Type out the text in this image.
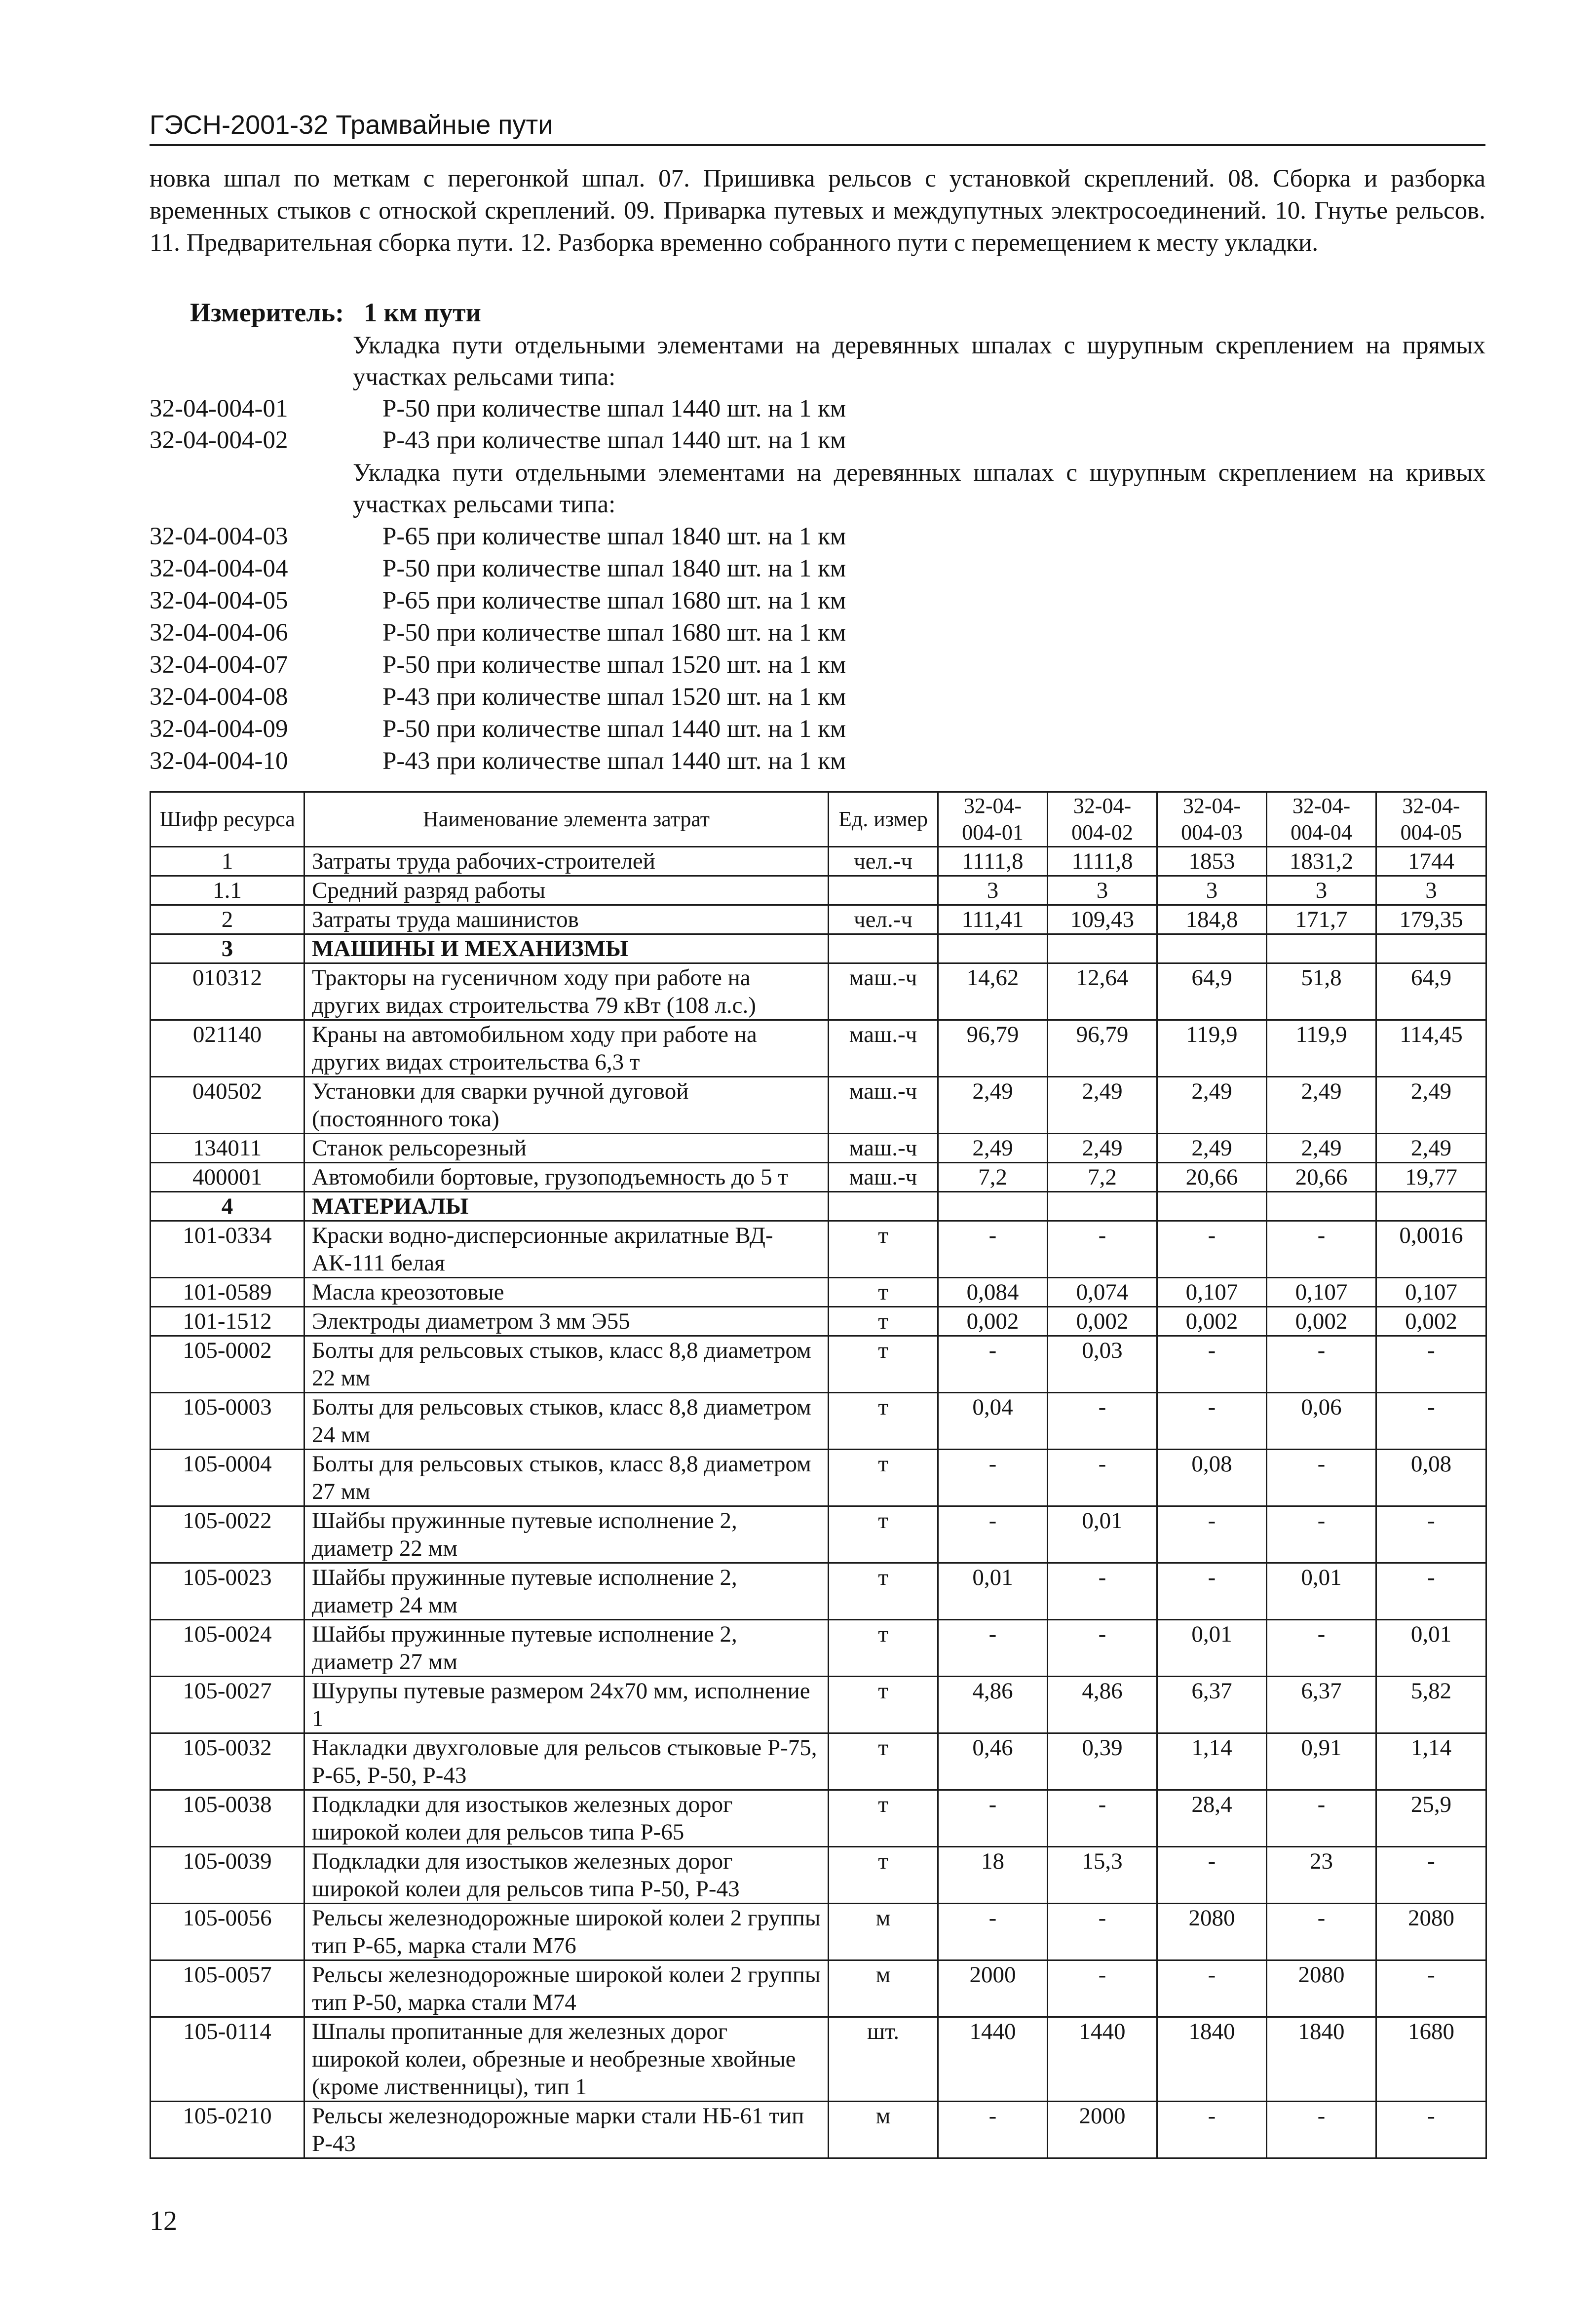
ГЭСН-2001-32 Трамвайные пути
новка шпал по меткам с перегонкой шпал. 07. Пришивка рельсов с установкой скреплений. 08. Сборка и разборка временных стыков с отноской скреплений. 09. Приварка путевых и междупутных электросоединений. 10. Гнутье рельсов. 11. Предварительная сборка пути. 12. Разборка временно собранного пути с перемещением к месту укладки.
Измеритель: 1 км пути
Укладка пути отдельными элементами на деревянных шпалах с шурупным скреплением на прямых участках рельсами типа:
32-04-004-01	Р-50 при количестве шпал 1440 шт. на 1 км
32-04-004-02	Р-43 при количестве шпал 1440 шт. на 1 км
Укладка пути отдельными элементами на деревянных шпалах с шурупным скреплением на кривых участках рельсами типа:
32-04-004-03	Р-65 при количестве шпал 1840 шт. на 1 км
32-04-004-04	Р-50 при количестве шпал 1840 шт. на 1 км
32-04-004-05	Р-65 при количестве шпал 1680 шт. на 1 км
32-04-004-06	Р-50 при количестве шпал 1680 шт. на 1 км
32-04-004-07	Р-50 при количестве шпал 1520 шт. на 1 км
32-04-004-08	Р-43 при количестве шпал 1520 шт. на 1 км
32-04-004-09	Р-50 при количестве шпал 1440 шт. на 1 км
32-04-004-10	Р-43 при количестве шпал 1440 шт. на 1 км
Шифр ресурса	Наименование элемента затрат	Ед. измер	32-04-004-01	32-04-004-02	32-04-004-03	32-04-004-04	32-04-004-05
1	Затраты труда рабочих-строителей	чел.-ч	1111,8	1111,8	1853	1831,2	1744
1.1	Средний разряд работы		3	3	3	3	3
2	Затраты труда машинистов	чел.-ч	111,41	109,43	184,8	171,7	179,35
3	МАШИНЫ И МЕХАНИЗМЫ						
010312	Тракторы на гусеничном ходу при работе на других видах строительства 79 кВт (108 л.с.)	маш.-ч	14,62	12,64	64,9	51,8	64,9
021140	Краны на автомобильном ходу при работе на других видах строительства 6,3 т	маш.-ч	96,79	96,79	119,9	119,9	114,45
040502	Установки для сварки ручной дуговой (постоянного тока)	маш.-ч	2,49	2,49	2,49	2,49	2,49
134011	Станок рельсорезный	маш.-ч	2,49	2,49	2,49	2,49	2,49
400001	Автомобили бортовые, грузоподъемность до 5 т	маш.-ч	7,2	7,2	20,66	20,66	19,77
4	МАТЕРИАЛЫ						
101-0334	Краски водно-дисперсионные акрилатные ВД-АК-111 белая	т	-	-	-	-	0,0016
101-0589	Масла креозотовые	т	0,084	0,074	0,107	0,107	0,107
101-1512	Электроды диаметром 3 мм Э55	т	0,002	0,002	0,002	0,002	0,002
105-0002	Болты для рельсовых стыков, класс 8,8 диаметром 22 мм	т	-	0,03	-	-	-
105-0003	Болты для рельсовых стыков, класс 8,8 диаметром 24 мм	т	0,04	-	-	0,06	-
105-0004	Болты для рельсовых стыков, класс 8,8 диаметром 27 мм	т	-	-	0,08	-	0,08
105-0022	Шайбы пружинные путевые исполнение 2, диаметр 22 мм	т	-	0,01	-	-	-
105-0023	Шайбы пружинные путевые исполнение 2, диаметр 24 мм	т	0,01	-	-	0,01	-
105-0024	Шайбы пружинные путевые исполнение 2, диаметр 27 мм	т	-	-	0,01	-	0,01
105-0027	Шурупы путевые размером 24х70 мм, исполнение 1	т	4,86	4,86	6,37	6,37	5,82
105-0032	Накладки двухголовые для рельсов стыковые Р-75, Р-65, Р-50, Р-43	т	0,46	0,39	1,14	0,91	1,14
105-0038	Подкладки для изостыков железных дорог широкой колеи для рельсов типа Р-65	т	-	-	28,4	-	25,9
105-0039	Подкладки для изостыков железных дорог широкой колеи для рельсов типа Р-50, Р-43	т	18	15,3	-	23	-
105-0056	Рельсы железнодорожные широкой колеи 2 группы тип Р-65, марка стали М76	м	-	-	2080	-	2080
105-0057	Рельсы железнодорожные широкой колеи 2 группы тип Р-50, марка стали М74	м	2000	-	-	2080	-
105-0114	Шпалы пропитанные для железных дорог широкой колеи, обрезные и необрезные хвойные (кроме лиственницы), тип 1	шт.	1440	1440	1840	1840	1680
105-0210	Рельсы железнодорожные марки стали НБ-61 тип Р-43	м	-	2000	-	-	-
12
